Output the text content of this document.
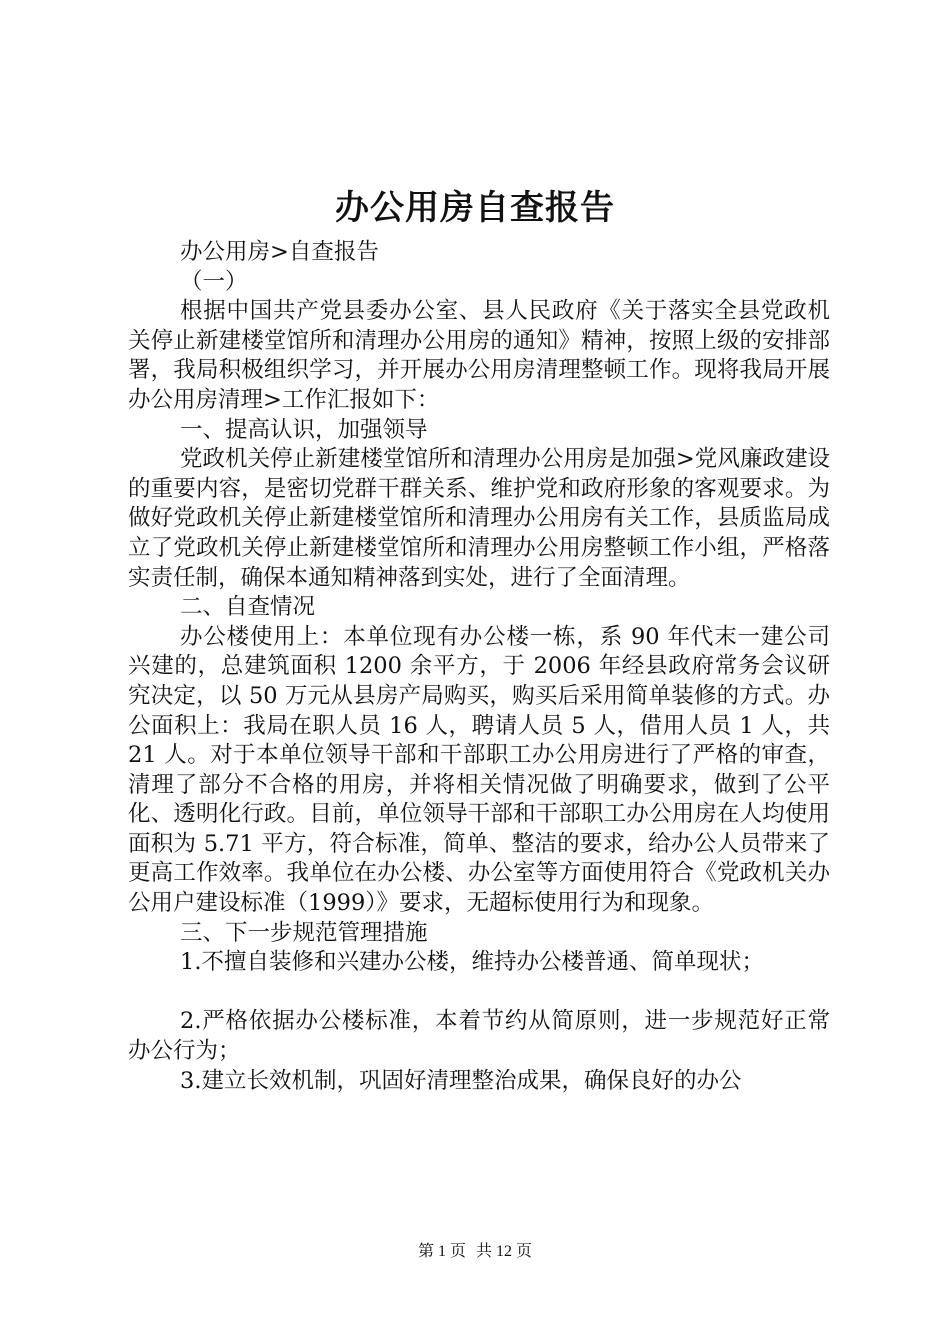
办公用房自查报告

办公用房>自查报告

（一）

根据中国共产党县委办公室、县人民政府《关于落实全县党政机关停止新建楼堂馆所和清理办公用房的通知》精神，按照上级的安排部署，我局积极组织学习，并开展办公用房清理整顿工作。现将我局开展办公用房清理>工作汇报如下：

一、提高认识，加强领导

党政机关停止新建楼堂馆所和清理办公用房是加强>党风廉政建设的重要内容，是密切党群干群关系、维护党和政府形象的客观要求。为做好党政机关停止新建楼堂馆所和清理办公用房有关工作，县质监局成立了党政机关停止新建楼堂馆所和清理办公用房整顿工作小组，严格落实责任制，确保本通知精神落到实处，进行了全面清理。

二、自查情况

办公楼使用上：本单位现有办公楼一栋，系 90 年代末一建公司兴建的，总建筑面积 1200 余平方，于 2006 年经县政府常务会议研究决定，以 50 万元从县房产局购买，购买后采用简单装修的方式。办公面积上：我局在职人员 16 人，聘请人员 5 人，借用人员 1 人，共 21 人。对于本单位领导干部和干部职工办公用房进行了严格的审查，清理了部分不合格的用房，并将相关情况做了明确要求，做到了公平化、透明化行政。目前，单位领导干部和干部职工办公用房在人均使用面积为 5.71 平方，符合标准，简单、整洁的要求，给办公人员带来了更高工作效率。我单位在办公楼、办公室等方面使用符合《党政机关办公用户建设标准（1999）》要求，无超标使用行为和现象。

三、下一步规范管理措施

1.不擅自装修和兴建办公楼，维持办公楼普通、简单现状；

2.严格依据办公楼标准，本着节约从简原则，进一步规范好正常办公行为；

3.建立长效机制，巩固好清理整治成果，确保良好的办公

第 1 页 共 12 页
